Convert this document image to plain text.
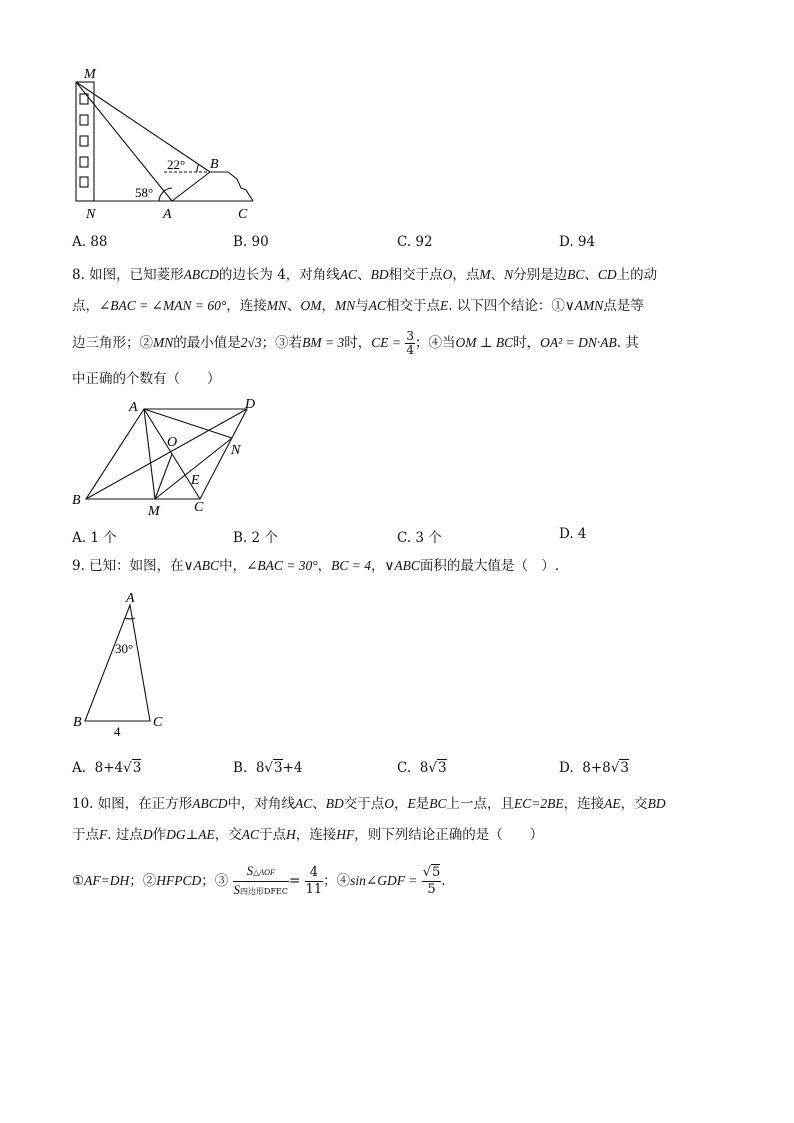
M
N	A
B
C
22°
58°
A. 88	B. 90	C. 92	D. 94
8. 如图，已知菱形ABCD的边长为 4，对角线AC、BD相交于点O，点M、N分别是边BC、CD上的动
点，∠BAC = ∠MAN = 60°，连接MN、OM，MN与AC相交于点E. 以下四个结论：①∨AMN点是等
边三角形；②MN的最小值是2√3；③若BM = 3时，CE = $\frac{3}{4}$ ；④当OM ⊥ BC时，OA² = DN·AB. 其
中正确的个数有（　　）
A	D
O
N
E
B
M C
A. 1 个	B. 2 个	C. 3 个	D. 4
9. 已知：如图，在∨ABC中，∠BAC = 30°，BC = 4，∨ABC面积的最大值是（　）.
A
B	C
30°
4
A. 8+4√3	B. 8√3+4	C. 8√3	D. 8+8√3
10. 如图，在正方形ABCD中，对角线AC、BD交于点O，E是BC上一点，且EC=2BE，连接AE，交BD
于点F. 过点D作DG⊥AE，交AC于点H，连接HF，则下列结论正确的是（　　）
①AF=DH；②HFPCD；③ $\frac{\text{S△AOF}}{\text{S四边形DFEC}} = \frac{4}{11}$ ；④sin∠GDF = $\frac{√5}{5}$ .
